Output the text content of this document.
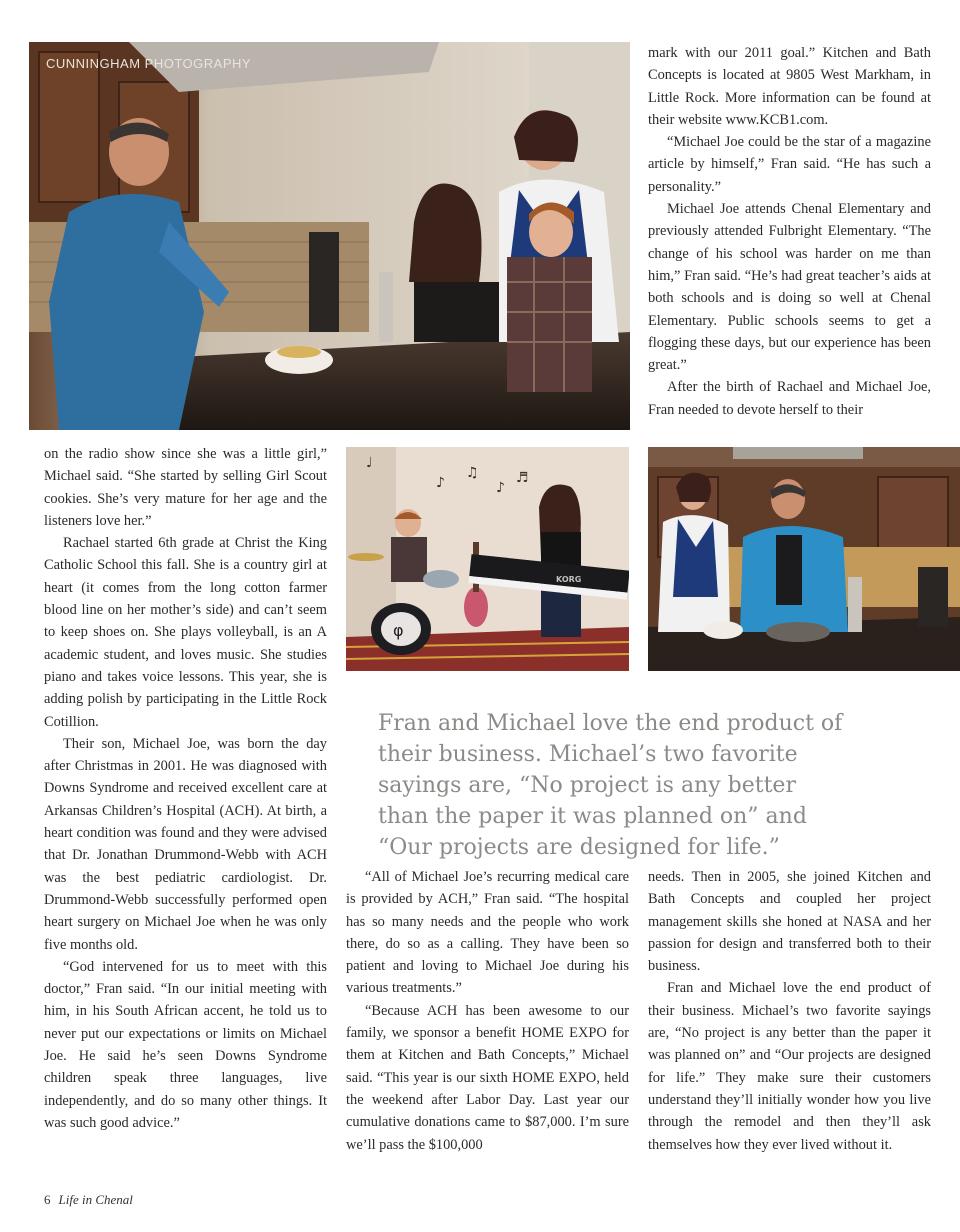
CUNNINGHAM PHOTOGRAPHY

mark with our 2011 goal.” Kitchen and Bath Concepts is located at 9805 West Markham, in Little Rock. More information can be found at their website www.KCB1.com.

“Michael Joe could be the star of a magazine article by himself,” Fran said. “He has such a personality.”

Michael Joe attends Chenal Elementary and previously attended Fulbright Elementary. “The change of his school was harder on me than him,” Fran said. “He’s had great teacher’s aids at both schools and is doing so well at Chenal Elementary. Public schools seems to get a flogging these days, but our experience has been great.”

After the birth of Rachael and Michael Joe, Fran needed to devote herself to their

on the radio show since she was a little girl,” Michael said. “She started by selling Girl Scout cookies. She’s very mature for her age and the listeners love her.”

Rachael started 6th grade at Christ the King Catholic School this fall. She is a country girl at heart (it comes from the long cotton farmer blood line on her mother’s side) and can’t seem to keep shoes on. She plays volleyball, is an A academic student, and loves music. She studies piano and takes voice lessons. This year, she is adding polish by participating in the Little Rock Cotillion.

Their son, Michael Joe, was born the day after Christmas in 2001. He was diagnosed with Downs Syndrome and received excellent care at Arkansas Children’s Hospital (ACH). At birth, a heart condition was found and they were advised that Dr. Jonathan Drummond-Webb with ACH was the best pediatric cardiologist. Dr. Drummond-Webb successfully performed open heart surgery on Michael Joe when he was only five months old.

“God intervened for us to meet with this doctor,” Fran said. “In our initial meeting with him, in his South African accent, he told us to never put our expectations or limits on Michael Joe. He said he’s seen Downs Syndrome children speak three languages, live independently, and do so many other things. It was such good advice.”

♪
♫
♪
♬
♩
φ
KORG

Fran and Michael love the end product of their business. Michael’s two favorite sayings are, “No project is any better than the paper it was planned on” and “Our projects are designed for life.”

“All of Michael Joe’s recurring medical care is provided by ACH,” Fran said. “The hospital has so many needs and the people who work there, do so as a calling. They have been so patient and loving to Michael Joe during his various treatments.”

“Because ACH has been awesome to our family, we sponsor a benefit HOME EXPO for them at Kitchen and Bath Concepts,” Michael said. “This year is our sixth HOME EXPO, held the weekend after Labor Day. Last year our cumulative donations came to $87,000. I’m sure we’ll pass the $100,000

needs. Then in 2005, she joined Kitchen and Bath Concepts and coupled her project management skills she honed at NASA and her passion for design and transferred both to their business.

Fran and Michael love the end product of their business. Michael’s two favorite sayings are, “No project is any better than the paper it was planned on” and “Our projects are designed for life.” They make sure their customers understand they’ll initially wonder how you live through the remodel and then they’ll ask themselves how they ever lived without it.

6 Life in Chenal
